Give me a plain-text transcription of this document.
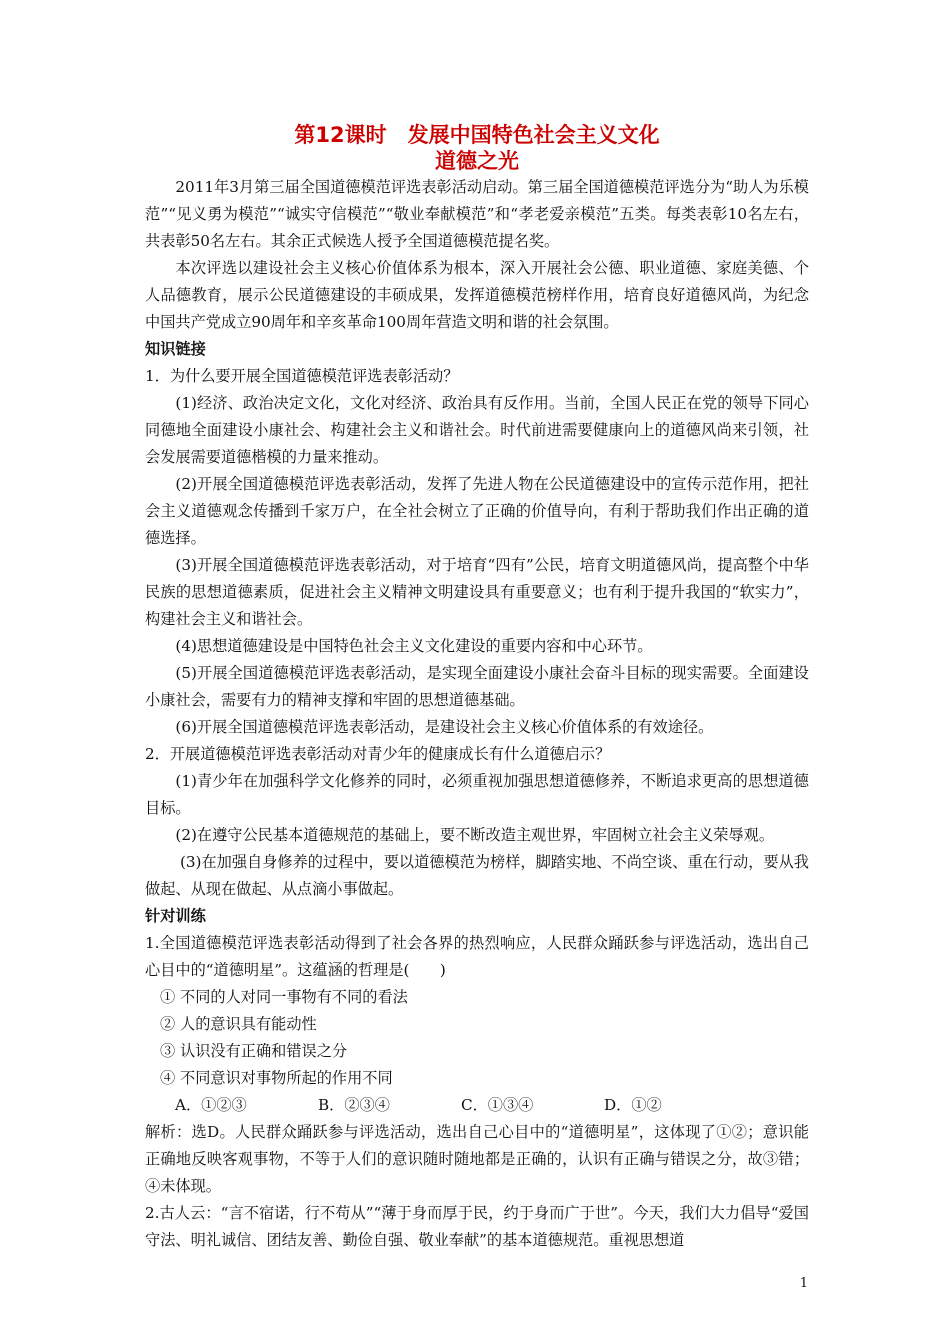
第12课时　发展中国特色社会主义文化
道德之光

2011年3月第三届全国道德模范评选表彰活动启动。第三届全国道德模范评选分为“助人为乐模范”“见义勇为模范”“诚实守信模范”“敬业奉献模范”和“孝老爱亲模范”五类。每类表彰10名左右，共表彰50名左右。其余正式候选人授予全国道德模范提名奖。

本次评选以建设社会主义核心价值体系为根本，深入开展社会公德、职业道德、家庭美德、个人品德教育，展示公民道德建设的丰硕成果，发挥道德模范榜样作用，培育良好道德风尚，为纪念中国共产党成立90周年和辛亥革命100周年营造文明和谐的社会氛围。

知识链接

1．为什么要开展全国道德模范评选表彰活动？

(1)经济、政治决定文化，文化对经济、政治具有反作用。当前，全国人民正在党的领导下同心同德地全面建设小康社会、构建社会主义和谐社会。时代前进需要健康向上的道德风尚来引领，社会发展需要道德楷模的力量来推动。

(2)开展全国道德模范评选表彰活动，发挥了先进人物在公民道德建设中的宣传示范作用，把社会主义道德观念传播到千家万户，在全社会树立了正确的价值导向，有利于帮助我们作出正确的道德选择。

(3)开展全国道德模范评选表彰活动，对于培育“四有”公民，培育文明道德风尚，提高整个中华民族的思想道德素质，促进社会主义精神文明建设具有重要意义；也有利于提升我国的“软实力”，构建社会主义和谐社会。

(4)思想道德建设是中国特色社会主义文化建设的重要内容和中心环节。

(5)开展全国道德模范评选表彰活动，是实现全面建设小康社会奋斗目标的现实需要。全面建设小康社会，需要有力的精神支撑和牢固的思想道德基础。

(6)开展全国道德模范评选表彰活动，是建设社会主义核心价值体系的有效途径。

2．开展道德模范评选表彰活动对青少年的健康成长有什么道德启示？

(1)青少年在加强科学文化修养的同时，必须重视加强思想道德修养，不断追求更高的思想道德目标。

(2)在遵守公民基本道德规范的基础上，要不断改造主观世界，牢固树立社会主义荣辱观。

(3)在加强自身修养的过程中，要以道德模范为榜样，脚踏实地、不尚空谈、重在行动，要从我做起、从现在做起、从点滴小事做起。

针对训练

1.全国道德模范评选表彰活动得到了社会各界的热烈响应，人民群众踊跃参与评选活动，选出自己心目中的“道德明星”。这蕴涵的哲理是(　　)

① 不同的人对同一事物有不同的看法

② 人的意识具有能动性

③ 认识没有正确和错误之分

④ 不同意识对事物所起的作用不同

A．①②③	B．②③④	C．①③④	D．①②

解析：选D。人民群众踊跃参与评选活动，选出自己心目中的“道德明星”，这体现了①②；意识能正确地反映客观事物，不等于人们的意识随时随地都是正确的，认识有正确与错误之分，故③错；④未体现。

2.古人云：“言不宿诺，行不苟从”“薄于身而厚于民，约于身而广于世”。今天，我们大力倡导“爱国守法、明礼诚信、团结友善、勤俭自强、敬业奉献”的基本道德规范。重视思想道

1
